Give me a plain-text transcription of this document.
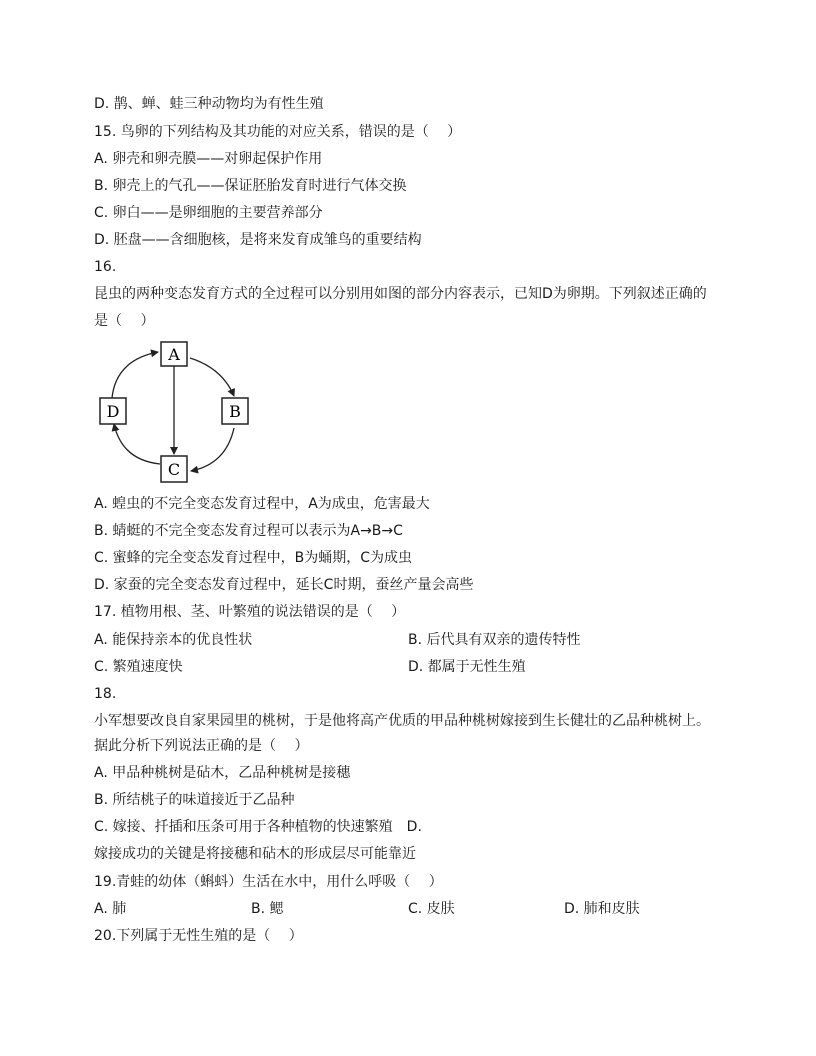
D. 鹊、蝉、蛙三种动物均为有性生殖
15. 鸟卵的下列结构及其功能的对应关系，错误的是（　 ）
A. 卵壳和卵壳膜——对卵起保护作用
B. 卵壳上的气孔——保证胚胎发育时进行气体交换
C. 卵白——是卵细胞的主要营养部分
D. 胚盘——含细胞核，是将来发育成雏鸟的重要结构
16.
昆虫的两种变态发育方式的全过程可以分别用如图的部分内容表示，已知D为卵期。下列叙述正确的
是（　 ）
A
B
C
D
A. 蝗虫的不完全变态发育过程中，A为成虫，危害最大
B. 蜻蜓的不完全变态发育过程可以表示为A→B→C
C. 蜜蜂的完全变态发育过程中，B为蛹期，C为成虫
D. 家蚕的完全变态发育过程中，延长C时期，蚕丝产量会高些
17. 植物用根、茎、叶繁殖的说法错误的是（　 ）
A. 能保持亲本的优良性状	B. 后代具有双亲的遗传特性
C. 繁殖速度快	D. 都属于无性生殖
18.
小军想要改良自家果园里的桃树，于是他将高产优质的甲品种桃树嫁接到生长健壮的乙品种桃树上。
据此分析下列说法正确的是（　 ）
A. 甲品种桃树是砧木，乙品种桃树是接穗
B. 所结桃子的味道接近于乙品种
C. 嫁接、扦插和压条可用于各种植物的快速繁殖　D.
嫁接成功的关键是将接穗和砧木的形成层尽可能靠近
19.青蛙的幼体（蝌蚪）生活在水中，用什么呼吸（　 ）
A. 肺	B. 鳃	C. 皮肤	D. 肺和皮肤
20.下列属于无性生殖的是（　 ）
